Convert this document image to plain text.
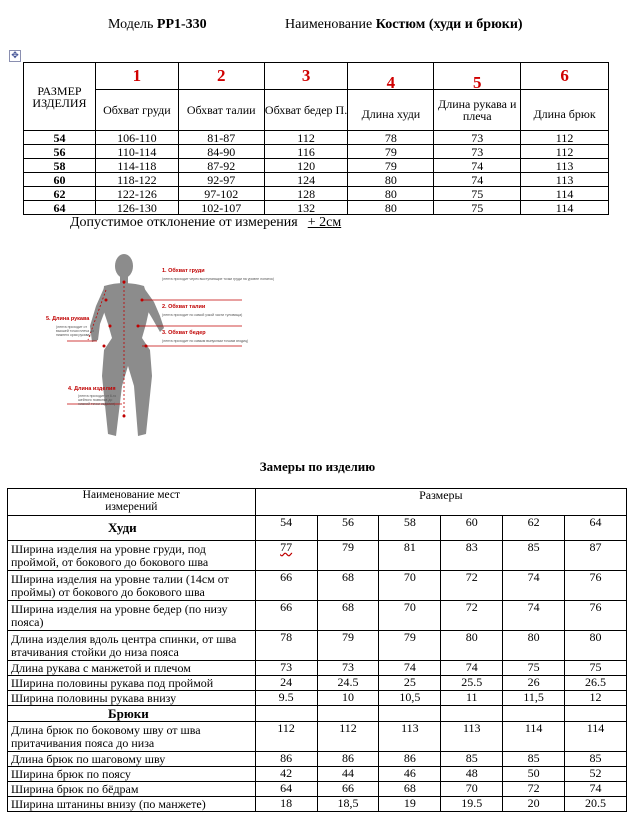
Модель РР1-330	Наименование Костюм (худи и брюки)
✥
РАЗМЕР ИЗДЕЛИЯ	1	2	3	4	5	6
	Обхват груди	Обхват талии	Обхват бедер П.	Длина худи	Длина рукава и плеча	Длина брюк
54	106-110	81-87	112	78	73	112
56	110-114	84-90	116	79	73	112
58	114-118	87-92	120	79	74	113
60	118-122	92-97	124	80	74	113
62	122-126	97-102	128	80	75	114
64	126-130	102-107	132	80	75	114
Допустимое отклонение от измерения + 2см
1. Обхват груди
(лента проходит через выступающие точки груди на уровне лопаток)
2. Обхват талии
(лента проходит по самой узкой части туловища)
3. Обхват бедер
(лента проходит по самым выпуклым точкам ягодиц)
5. Длина рукава
(лента проходит от высшей точки плеча до нижнего края рукава)
4. Длина изделия
(лента проходит от 6-го шейного позвонка до нижней точки изделия)
Замеры по изделию
Наименование мест измерений	Размеры					
Худи	54	56	58	60	62	64
Ширина изделия на уровне груди, под проймой, от бокового до бокового шва	77	79	81	83	85	87
Ширина изделия на уровне талии (14см от проймы) от бокового до бокового шва	66	68	70	72	74	76
Ширина изделия на уровне бедер (по низу пояса)	66	68	70	72	74	76
Длина изделия вдоль центра спинки, от шва втачивания стойки до низа пояса	78	79	79	80	80	80
Длина рукава с манжетой и плечом	73	73	74	74	75	75
Ширина половины рукава под проймой	24	24.5	25	25.5	26	26.5
Ширина половины рукава внизу	9.5	10	10,5	11	11,5	12
Брюки						
Длина брюк по боковому шву от шва притачивания пояса до низа	112	112	113	113	114	114
Длина брюк по шаговому шву	86	86	86	85	85	85
Ширина брюк по поясу	42	44	46	48	50	52
Ширина брюк по бёдрам	64	66	68	70	72	74
Ширина штанины внизу (по манжете)	18	18,5	19	19.5	20	20.5
